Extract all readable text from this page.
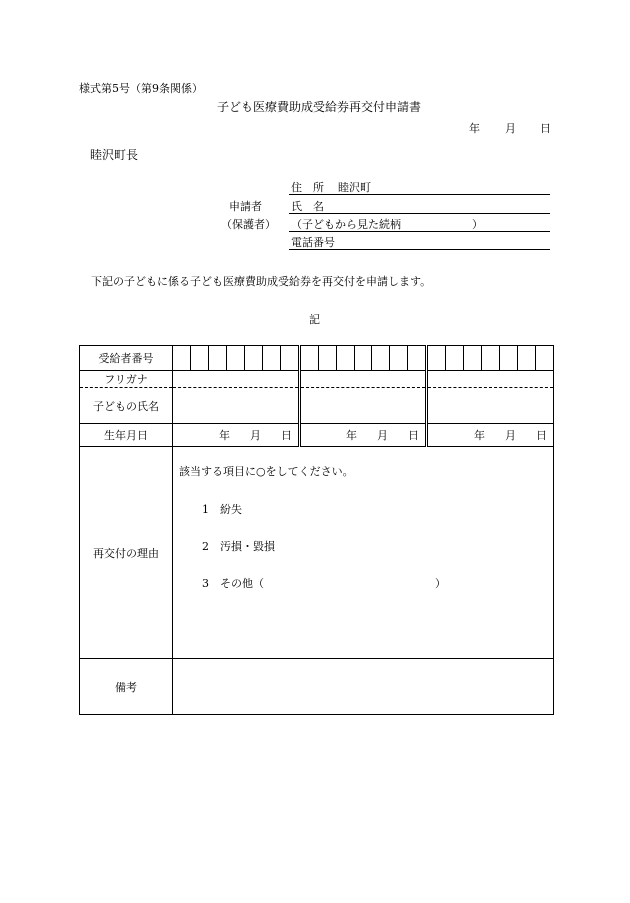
様式第5号（第9条関係）
子ども医療費助成受給券再交付申請書
年 月 日
睦沢町長
住　所 睦沢町
申請者	氏　名
（保護者） （子どもから見た続柄	）
電話番号
下記の子どもに係る子ども医療費助成受給券を再交付を申請します。
記
受給者番号	

フリガナ			
子どもの氏名			
生年月日	年 月 日	年 月 日	年 月 日

再交付の理由	該当する項目に○をしてください。
1　 紛失
2　 汚損・毀損
3　 その他（ ）		

備考			
